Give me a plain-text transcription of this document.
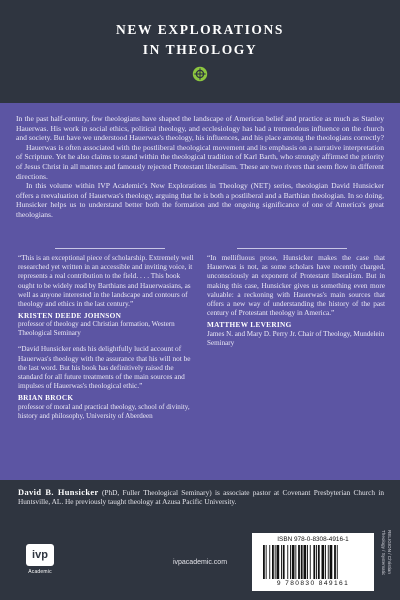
NEW EXPLORATIONS
IN THEOLOGY

In the past half-century, few theologians have shaped the landscape of American belief and practice as much as Stanley Hauerwas. His work in social ethics, political theology, and ecclesiology has had a tremendous influence on the church and society. But have we understood Hauerwas's theology, his influences, and his place among the theologians correctly?

Hauerwas is often associated with the postliberal theological movement and its emphasis on a narrative interpretation of Scripture. Yet he also claims to stand within the theological tradition of Karl Barth, who strongly affirmed the priority of Jesus Christ in all matters and famously rejected Protestant liberalism. These are two rivers that seem flow in different directions.

In this volume within IVP Academic's New Explorations in Theology (NET) series, theologian David Hunsicker offers a reevaluation of Hauerwas's theology, arguing that he is both a postliberal and a Barthian theologian. In so doing, Hunsicker helps us to understand better both the formation and the ongoing significance of one of America's great theologians.

“This is an exceptional piece of scholarship. Extremely well researched yet written in an accessible and inviting voice, it represents a real contribution to the field. . . . This book ought to be widely read by Barthians and Hauerwasians, as well as anyone interested in the landscape and contours of theology and ethics in the last century.”
KRISTEN DEEDE JOHNSON
professor of theology and Christian formation, Western Theological Seminary
“David Hunsicker ends his delightfully lucid account of Hauerwas's theology with the assurance that his will not be the last word. But his book has definitively raised the standard for all future treatments of the main sources and impulses of Hauerwas's theological ethic.”
BRIAN BROCK
professor of moral and practical theology, school of divinity, history and philosophy, University of Aberdeen
“In mellifluous prose, Hunsicker makes the case that Hauerwas is not, as some scholars have recently charged, unconsciously an exponent of Protestant liberalism. But in making this case, Hunsicker gives us something even more valuable: a reckoning with Hauerwas's main sources that offers a new way of understanding the history of the past century of Protestant theology in America.”
MATTHEW LEVERING
James N. and Mary D. Perry Jr. Chair of Theology, Mundelein Seminary
David B. Hunsicker (PhD, Fuller Theological Seminary) is associate pastor at Covenant Presbyterian Church in Huntsville, AL. He previously taught theology at Azusa Pacific University.
ivp
Academic
ivpacademic.com
ISBN 978-0-8308-4916-1
9 780830 849161
RELIGION / Christian Theology / Systematic
